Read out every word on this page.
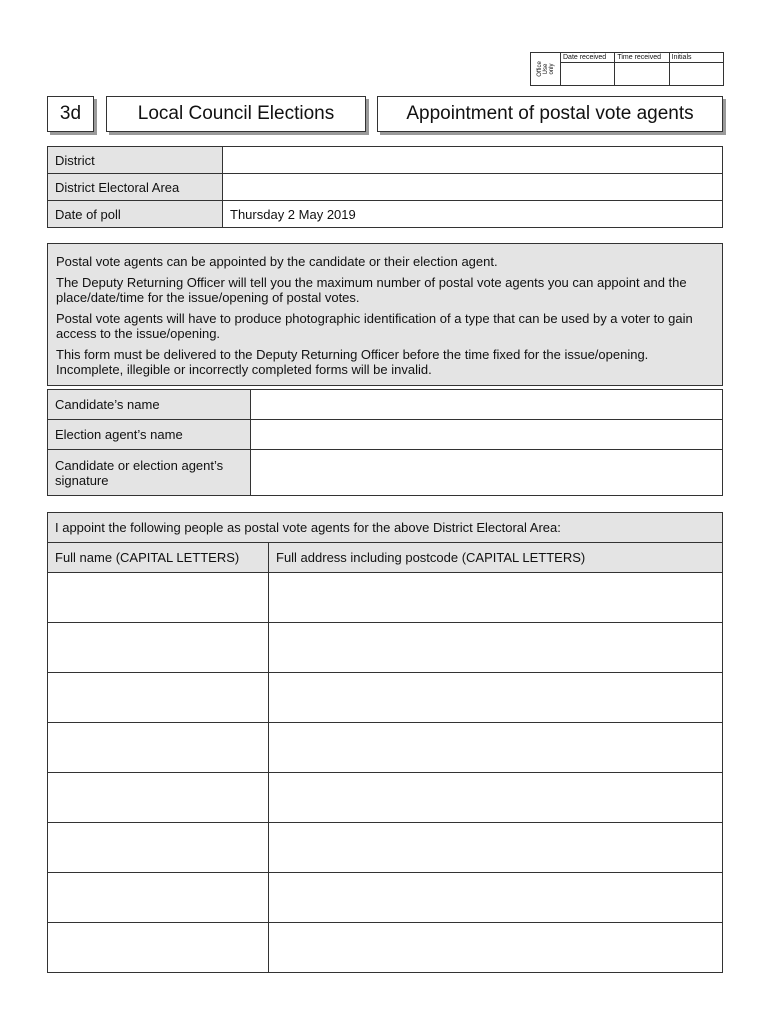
Office
Use
only
Date received	Time received	Initials
3d	Local Council Elections	Appointment of postal vote agents
District	
District Electoral Area	
Date of poll	Thursday 2 May 2019

Postal vote agents can be appointed by the candidate or their election agent.

The Deputy Returning Officer will tell you the maximum number of postal vote agents you can appoint and the place/date/time for the issue/opening of postal votes.

Postal vote agents will have to produce photographic identification of a type that can be used by a voter to gain access to the issue/opening.

This form must be delivered to the Deputy Returning Officer before the time fixed for the issue/opening. Incomplete, illegible or incorrectly completed forms will be invalid.

Candidate’s name	
Election agent’s name	
Candidate or election agent’s signature	
I appoint the following people as postal vote agents for the above District Electoral Area:	
Full name (CAPITAL LETTERS)	Full address including postcode (CAPITAL LETTERS)
